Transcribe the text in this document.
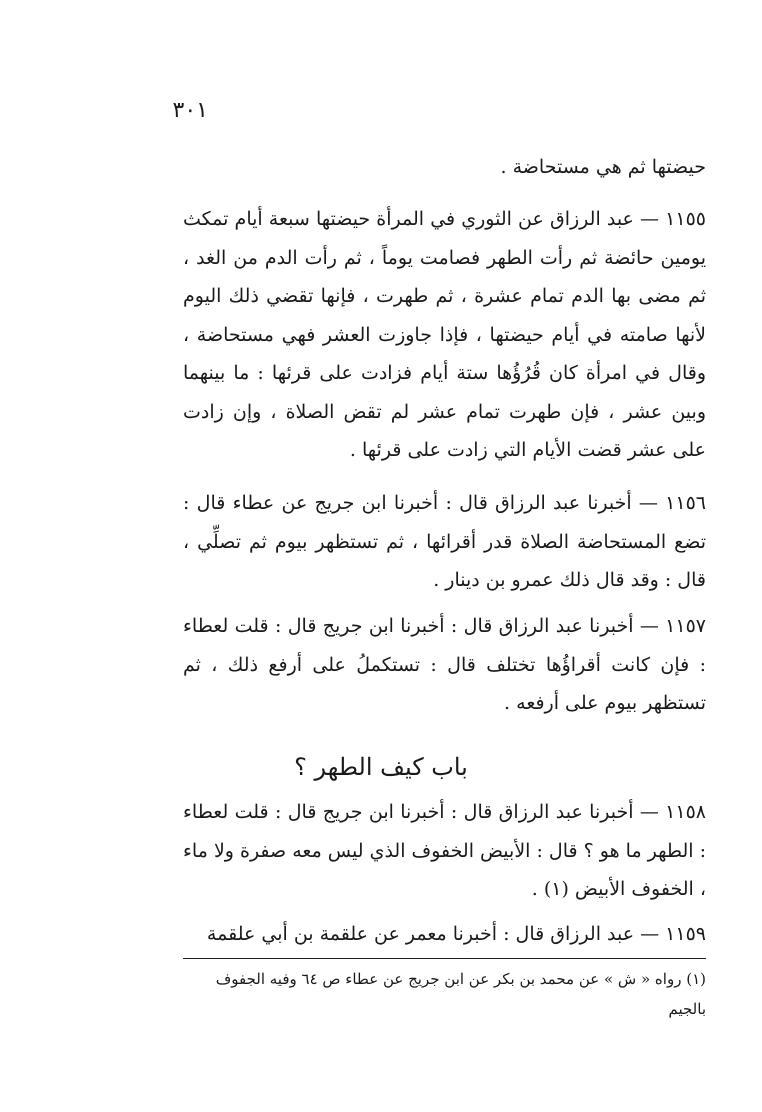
٣٠١

حيضتها ثم هي مستحاضة .

١١٥٥ — عبد الرزاق عن الثوري في المرأة حيضتها سبعة أيام تمكث يومين حائضة ثم رأت الطهر فصامت يوماً ، ثم رأت الدم من الغد ، ثم مضى بها الدم تمام عشرة ، ثم طهرت ، فإنها تقضي ذلك اليوم لأنها صامته في أيام حيضتها ، فإذا جاوزت العشر فهي مستحاضة ، وقال في امرأة كان قُرُؤُها ستة أيام فزادت على قرئها : ما بينهما وبين عشر ، فإن طهرت تمام عشر لم تقض الصلاة ، وإن زادت على عشر قضت الأيام التي زادت على قرئها .

١١٥٦ — أخبرنا عبد الرزاق قال : أخبرنا ابن جريج عن عطاء قال : تضع المستحاضة الصلاة قدر أقرائها ، ثم تستظهر بيوم ثم تصلِّي ، قال : وقد قال ذلك عمرو بن دينار .

١١٥٧ — أخبرنا عبد الرزاق قال : أخبرنا ابن جريج قال : قلت لعطاء : فإن كانت أقراؤُها تختلف قال : تستكملُ على أرفع ذلك ، ثم تستظهر بيوم على أرفعه .

باب كيف الطهر ؟

١١٥٨ — أخبرنا عبد الرزاق قال : أخبرنا ابن جريج قال : قلت لعطاء : الطهر ما هو ؟ قال : الأبيض الخفوف الذي ليس معه صفرة ولا ماء ، الخفوف الأبيض (١) .

١١٥٩ — عبد الرزاق قال : أخبرنا معمر عن علقمة بن أبي علقمة

(١) رواه « ش » عن محمد بن بكر عن ابن جريج عن عطاء ص ٦٤ وفيه الجفوف بالجيم
